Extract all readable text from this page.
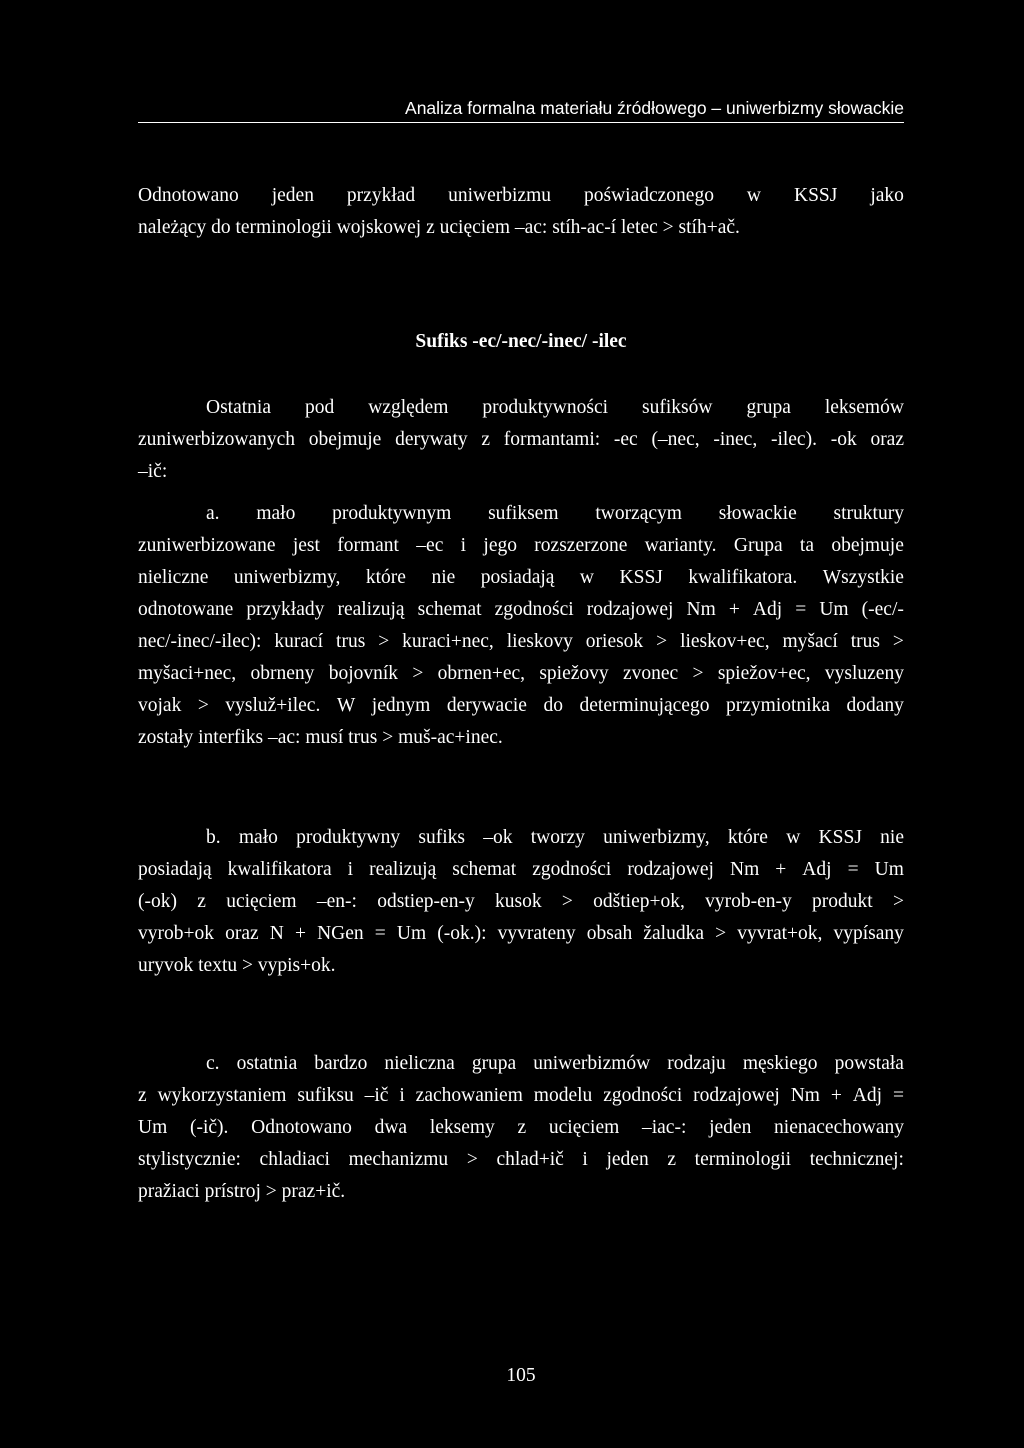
Analiza formalna materiału źródłowego – uniwerbizmy słowackie
Odnotowano jeden przykład uniwerbizmu poświadczonego w KSSJ jako
należący do terminologii wojskowej z ucięciem –ac: stíh-ac-í letec > stíh+ač.
Sufiks -ec/-nec/-inec/ -ilec
Ostatnia pod względem produktywności sufiksów grupa leksemów
zuniwerbizowanych obejmuje derywaty z formantami: -ec (–nec, -inec, -ilec). -ok oraz
–ič:
a. mało produktywnym sufiksem tworzącym słowackie struktury
zuniwerbizowane jest formant –ec i jego rozszerzone warianty. Grupa ta obejmuje
nieliczne uniwerbizmy, które nie posiadają w KSSJ kwalifikatora. Wszystkie
odnotowane przykłady realizują schemat zgodności rodzajowej Nm + Adj = Um (-ec/-
nec/-inec/-ilec): kurací trus > kuraci+nec, lieskovy oriesok > lieskov+ec, myšací trus >
myšaci+nec, obrneny bojovník > obrnen+ec, spiežovy zvonec > spiežov+ec, vysluzeny
vojak > vysluž+ilec. W jednym derywacie do determinującego przymiotnika dodany
zostały interfiks –ac: musí trus > muš-ac+inec.
b. mało produktywny sufiks –ok tworzy uniwerbizmy, które w KSSJ nie
posiadają kwalifikatora i realizują schemat zgodności rodzajowej Nm + Adj = Um
(-ok) z ucięciem –en-: odstiep-en-y kusok > odštiep+ok, vyrob-en-y produkt >
vyrob+ok oraz N + NGen = Um (-ok.): vyvrateny obsah žaludka > vyvrat+ok, vypísany
uryvok textu > vypis+ok.
c. ostatnia bardzo nieliczna grupa uniwerbizmów rodzaju męskiego powstała
z wykorzystaniem sufiksu –ič i zachowaniem modelu zgodności rodzajowej Nm + Adj =
Um (-ič). Odnotowano dwa leksemy z ucięciem –iac-: jeden nienacechowany
stylistycznie: chladiaci mechanizmu > chlad+ič i jeden z terminologii technicznej:
pražiaci prístroj > praz+ič.
105
